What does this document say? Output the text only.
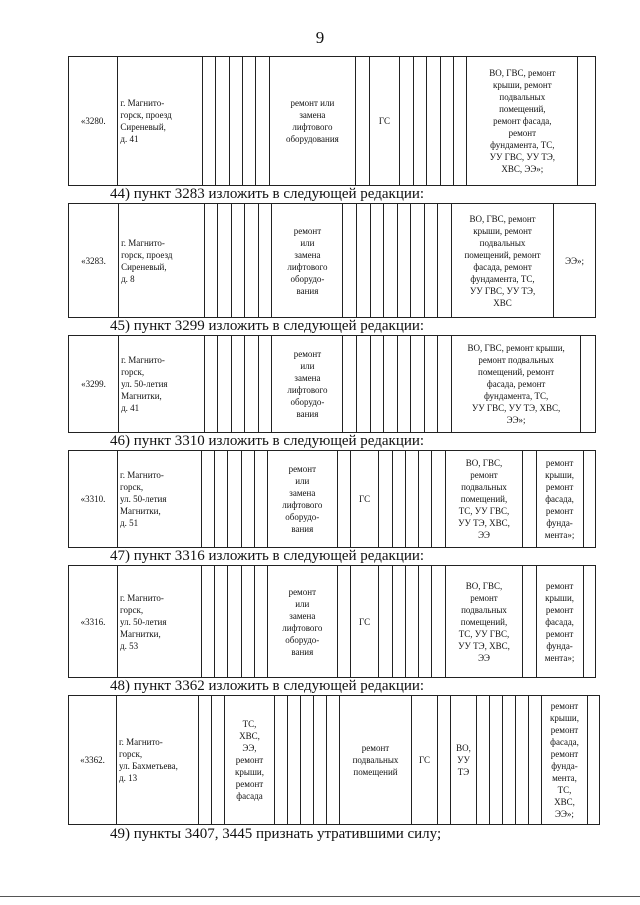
9
«3280.	г. Магнито-
горск, проезд
Сиреневый,
д. 41						ремонт или
замена
лифтового
оборудования		ГС						ВО, ГВС, ремонт
крыши, ремонт
подвальных
помещений,
ремонт фасада,
ремонт
фундамента, ТС,
УУ ГВС, УУ ТЭ,
ХВС, ЭЭ»;	
44) пункт 3283 изложить в следующей редакции:
«3283.	г. Магнито-
горск, проезд
Сиреневый,
д. 8						ремонт
или
замена
лифтового
оборудо-
вания									ВО, ГВС, ремонт
крыши, ремонт
подвальных
помещений, ремонт
фасада, ремонт
фундамента, ТС,
УУ ГВС, УУ ТЭ,
ХВС	ЭЭ»;
45) пункт 3299 изложить в следующей редакции:
«3299.	г. Магнито-
горск,
ул. 50-летия
Магнитки,
д. 41						ремонт
или
замена
лифтового
оборудо-
вания									ВО, ГВС, ремонт крыши,
ремонт подвальных
помещений, ремонт
фасада, ремонт
фундамента, ТС,
УУ ГВС, УУ ТЭ, ХВС,
ЭЭ»;	
46) пункт 3310 изложить в следующей редакции:
«3310.	г. Магнито-
горск,
ул. 50-летия
Магнитки,
д. 51						ремонт
или
замена
лифтового
оборудо-
вания		ГС						ВО, ГВС,
ремонт
подвальных
помещений,
ТС, УУ ГВС,
УУ ТЭ, ХВС,
ЭЭ		ремонт
крыши,
ремонт
фасада,
ремонт
фунда-
мента»;	
47) пункт 3316 изложить в следующей редакции:
«3316.	г. Магнито-
горск,
ул. 50-летия
Магнитки,
д. 53						ремонт
или
замена
лифтового
оборудо-
вания		ГС						ВО, ГВС,
ремонт
подвальных
помещений,
ТС, УУ ГВС,
УУ ТЭ, ХВС,
ЭЭ		ремонт
крыши,
ремонт
фасада,
ремонт
фунда-
мента»;	
48) пункт 3362 изложить в следующей редакции:
«3362.	г. Магнито-
горск,
ул. Бахметьева,
д. 13			ТС,
ХВС,
ЭЭ,
ремонт
крыши,
ремонт
фасада						ремонт
подвальных
помещений	ГС		ВО,
УУ
ТЭ						ремонт
крыши,
ремонт
фасада,
ремонт
фунда-
мента,
ТС,
ХВС,
ЭЭ»;	
49) пункты 3407, 3445 признать утратившими силу;
